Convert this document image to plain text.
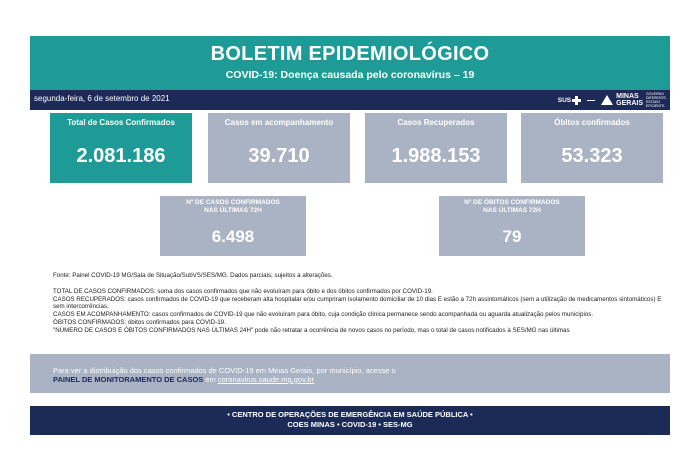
BOLETIM EPIDEMIOLÓGICO
COVID-19: Doença causada pelo coronavírus – 19
segunda-feira, 6 de setembro de 2021	SUS	MINAS
GERAIS
GOVERNO DIFERENTE. ESTADO EFICIENTE.
Total de Casos Confirmados
2.081.186
Casos em acompanhamento
39.710
Casos Recuperados
1.988.153
Óbitos confirmados
53.323
Nº DE CASOS CONFIRMADOS
NAS ÚLTIMAS 72H
6.498
Nº DE ÓBITOS CONFIRMADOS
NAS ÚLTIMAS 72H
79
Fonte: Painel COVID-19 MG/Sala de Situação/SubVS/SES/MG. Dados parciais, sujeitos a alterações.
TOTAL DE CASOS CONFIRMADOS: soma dos casos confirmados que não evoluíram para óbito e dos óbitos confirmados por COVID-19.
CASOS RECUPERADOS: casos confirmados de COVID-19 que receberam alta hospitalar e/ou cumpriram isolamento domiciliar de 10 dias E estão a 72h assintomáticos (sem a utilização de medicamentos sintomáticos) E sem intercorrências.
CASOS EM ACOMPANHAMENTO: casos confirmados de COVID-19 que não evoluíram para óbito, cuja condição clínica permanece sendo acompanhada ou aguarda atualização pelos municípios.
ÓBITOS CONFIRMADOS: óbitos confirmados para COVID-19.
"NÚMERO DE CASOS E ÓBITOS CONFIRMADOS NAS ÚLTIMAS 24H" pode não retratar a ocorrência de novos casos no período, mas o total de casos notificados à SES/MG nas últimas
Para ver a distribuição dos casos confirmados de COVID-19 em Minas Gerais, por município, acesse o
PAINEL DE MONITORAMENTO DE CASOS em coronavirus.saude.mg.gov.br
• CENTRO DE OPERAÇÕES DE EMERGÊNCIA EM SAÚDE PÚBLICA •
COES MINAS • COVID-19 • SES-MG
